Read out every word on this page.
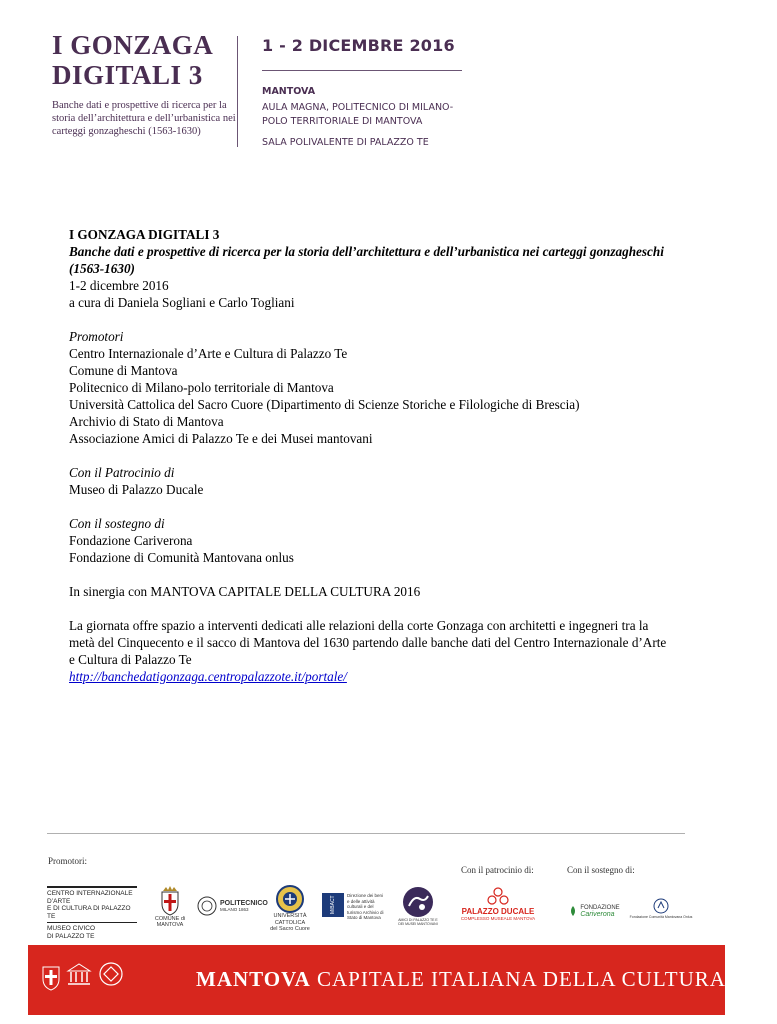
I GONZAGA
DIGITALI 3
Banche dati e prospettive di ricerca per la storia dell’architettura e dell’urbanistica nei carteggi gonzagheschi (1563-1630)
1 - 2 DICEMBRE 2016
MANTOVA
AULA MAGNA, POLITECNICO DI MILANO-
POLO TERRITORIALE DI MANTOVA
SALA POLIVALENTE DI PALAZZO TE

I GONZAGA DIGITALI 3

Banche dati e prospettive di ricerca per la storia dell’architettura e dell’urbanistica nei carteggi gonzagheschi (1563-1630)

1-2 dicembre 2016

a cura di Daniela Sogliani e Carlo Togliani

Promotori

Centro Internazionale d’Arte e Cultura di Palazzo Te

Comune di Mantova

Politecnico di Milano-polo territoriale di Mantova

Università Cattolica del Sacro Cuore (Dipartimento di Scienze Storiche e Filologiche di Brescia)

Archivio di Stato di Mantova

Associazione Amici di Palazzo Te e dei Musei mantovani

Con il Patrocinio di

Museo di Palazzo Ducale

Con il sostegno di

Fondazione Cariverona

Fondazione di Comunità Mantovana onlus

In sinergia con MANTOVA CAPITALE DELLA CULTURA 2016

La giornata offre spazio a interventi dedicati alle relazioni della corte Gonzaga con architetti e ingegneri tra la metà del Cinquecento e il sacco di Mantova del 1630 partendo dalle banche dati del Centro Internazionale d’Arte e Cultura di Palazzo Te

http://banchedatigonzaga.centropalazzote.it/portale/

Promotori:
Con il patrocinio di:	Con il sostegno di:
CENTRO INTERNAZIONALE D’ARTE
E DI CULTURA DI PALAZZO TE
MUSEO CIVICO
DI PALAZZO TE
COMUNE di MANTOVA
POLITECNICO
MILANO 1863
UNIVERSITÀ
CATTOLICA
del Sacro Cuore
MiBACT
Direzione dei beni e delle attività culturali e del turismo Archivio di Stato di Mantova	AMICI DI PALAZZO TE E DEI MUSEI MANTOVANI
PALAZZO DUCALE
COMPLESSO MUSEALE MANTOVA
FONDAZIONE
Cariverona	Fondazione Comunità Mantovana Onlus
MANTOVA CAPITALE ITALIANA DELLA CULTURA 2016
